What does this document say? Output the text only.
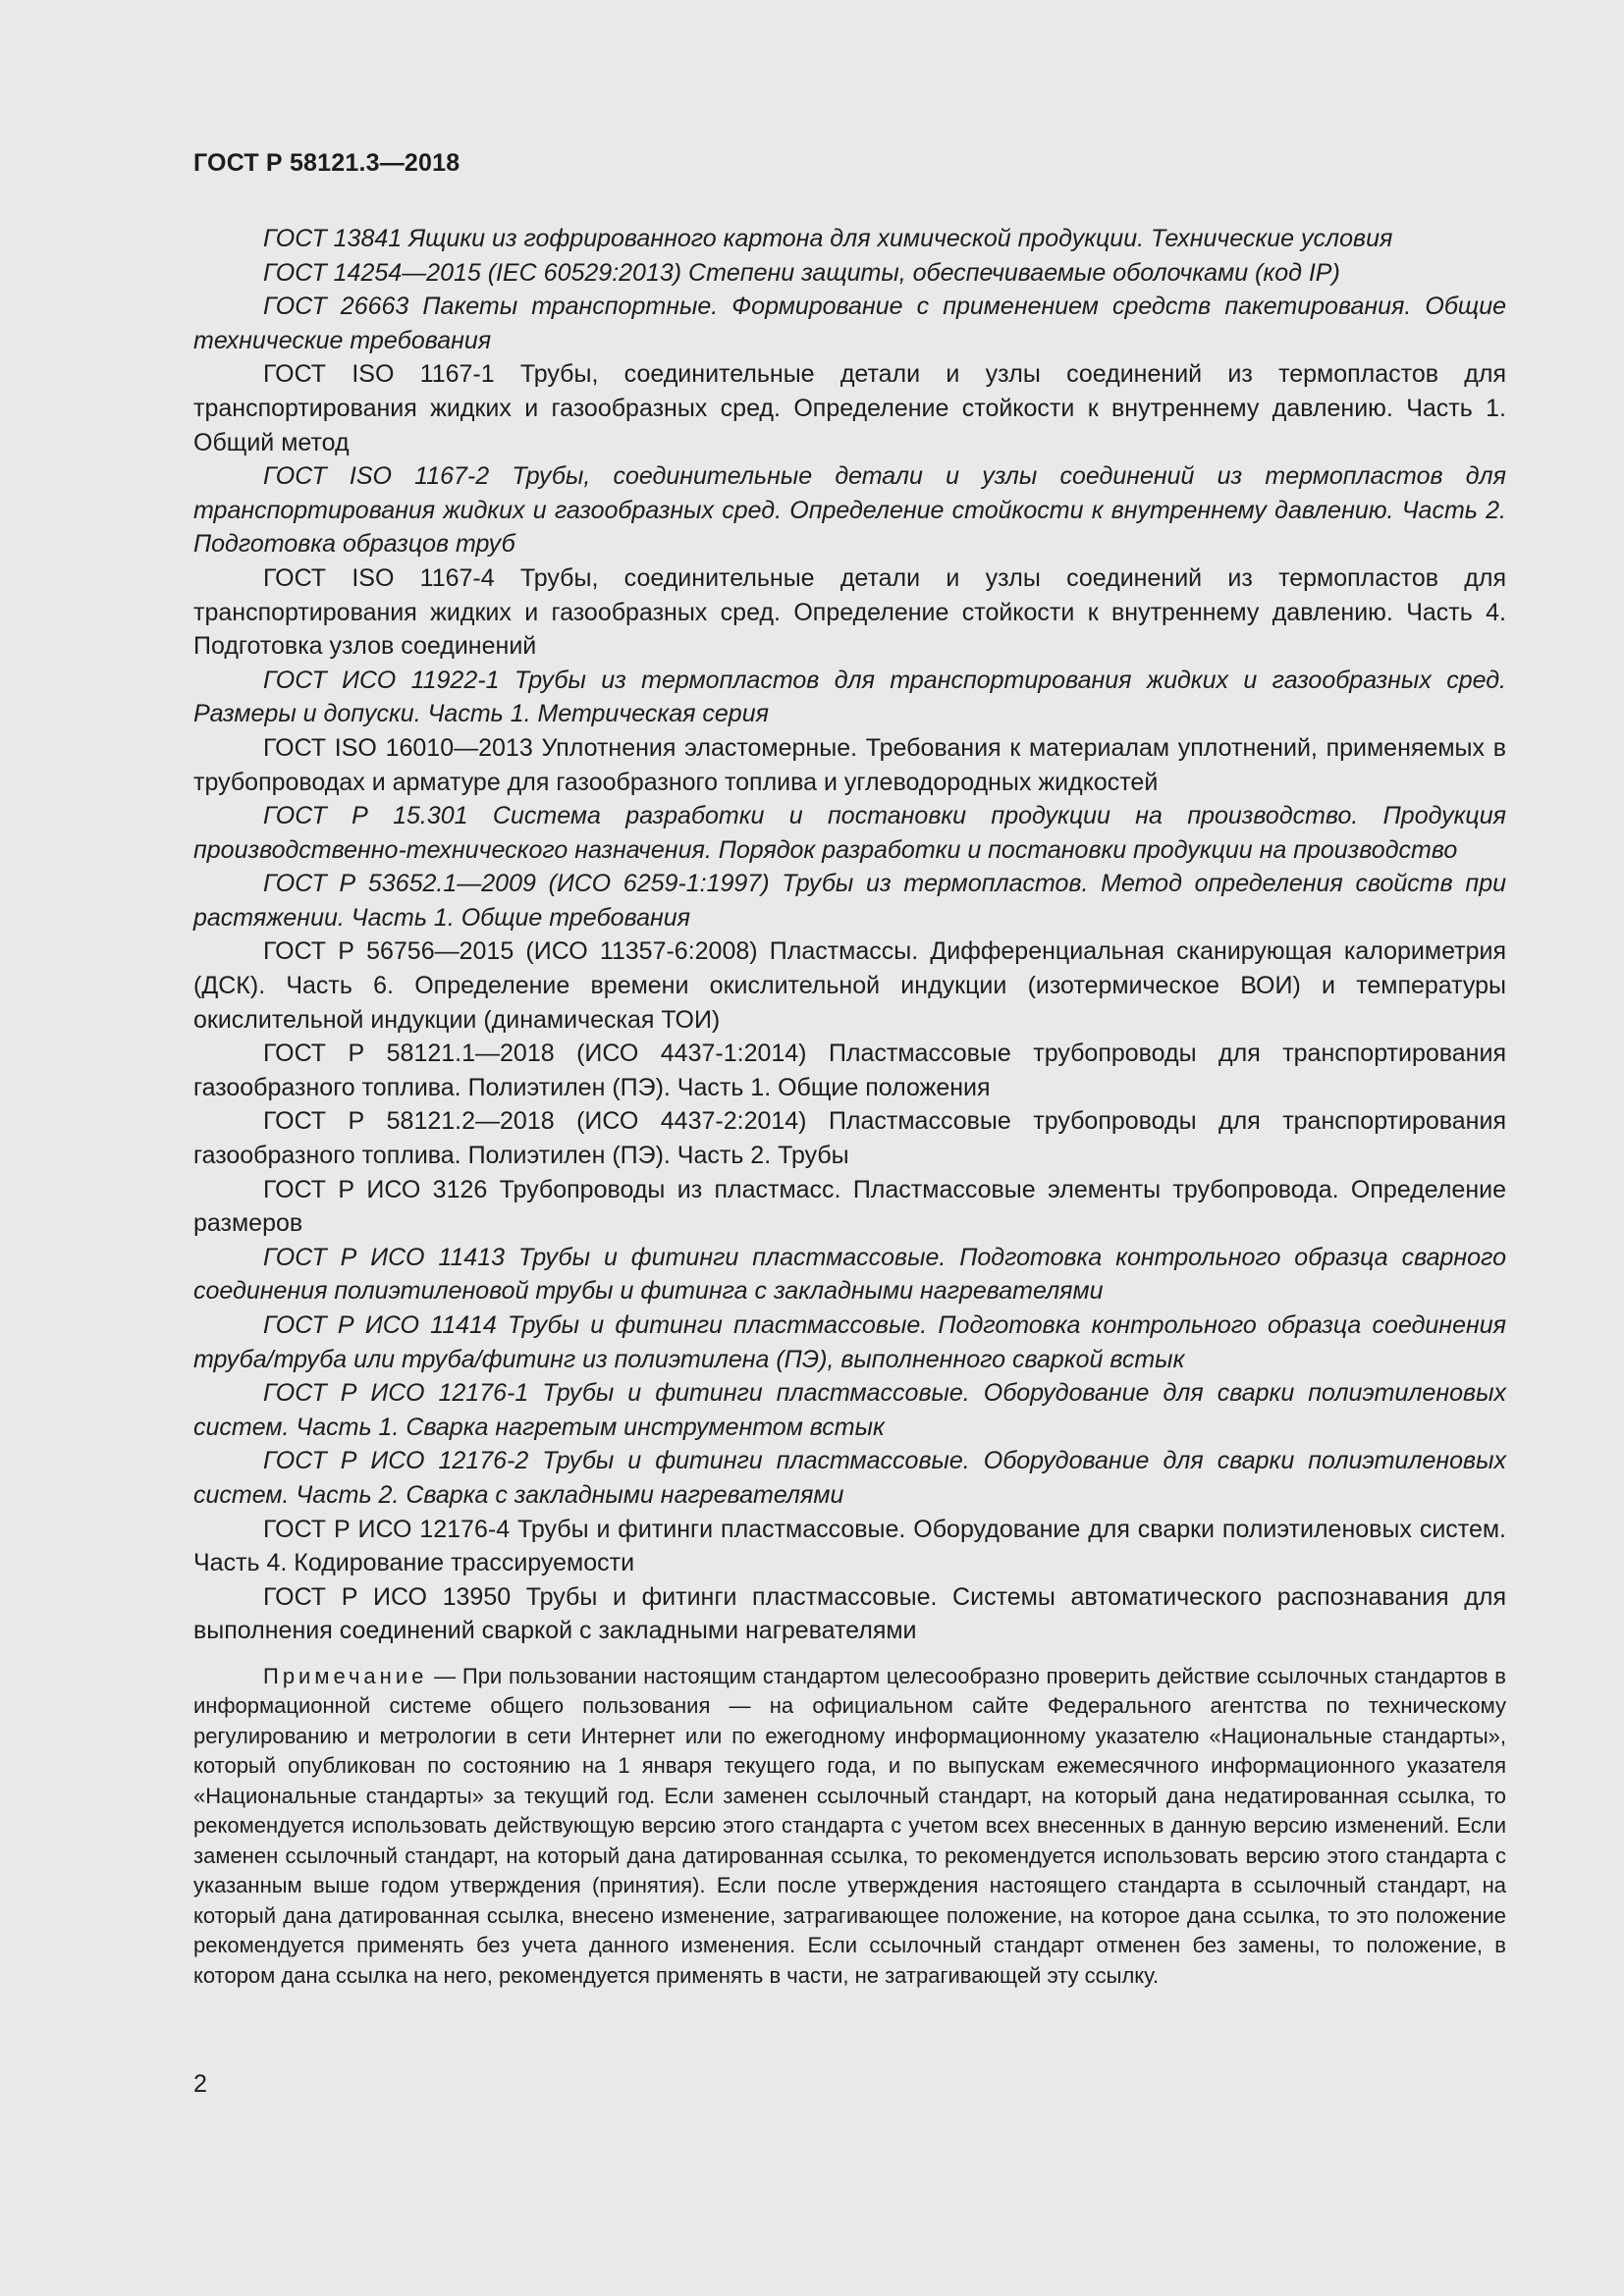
ГОСТ Р 58121.3—2018

ГОСТ 13841 Ящики из гофрированного картона для химической продукции. Технические условия

ГОСТ 14254—2015 (IEC 60529:2013) Степени защиты, обеспечиваемые оболочками (код IP)

ГОСТ 26663 Пакеты транспортные. Формирование с применением средств пакетирования. Общие технические требования

ГОСТ ISO 1167-1 Трубы, соединительные детали и узлы соединений из термопластов для транспортирования жидких и газообразных сред. Определение стойкости к внутреннему давлению. Часть 1. Общий метод

ГОСТ ISO 1167-2 Трубы, соединительные детали и узлы соединений из термопластов для транспортирования жидких и газообразных сред. Определение стойкости к внутреннему давлению. Часть 2. Подготовка образцов труб

ГОСТ ISO 1167-4 Трубы, соединительные детали и узлы соединений из термопластов для транспортирования жидких и газообразных сред. Определение стойкости к внутреннему давлению. Часть 4. Подготовка узлов соединений

ГОСТ ИСО 11922-1 Трубы из термопластов для транспортирования жидких и газообразных сред. Размеры и допуски. Часть 1. Метрическая серия

ГОСТ ISO 16010—2013 Уплотнения эластомерные. Требования к материалам уплотнений, применяемых в трубопроводах и арматуре для газообразного топлива и углеводородных жидкостей

ГОСТ Р 15.301 Система разработки и постановки продукции на производство. Продукция производственно-технического назначения. Порядок разработки и постановки продукции на производство

ГОСТ Р 53652.1—2009 (ИСО 6259-1:1997) Трубы из термопластов. Метод определения свойств при растяжении. Часть 1. Общие требования

ГОСТ Р 56756—2015 (ИСО 11357-6:2008) Пластмассы. Дифференциальная сканирующая калориметрия (ДСК). Часть 6. Определение времени окислительной индукции (изотермическое ВОИ) и температуры окислительной индукции (динамическая ТОИ)

ГОСТ Р 58121.1—2018 (ИСО 4437-1:2014) Пластмассовые трубопроводы для транспортирования газообразного топлива. Полиэтилен (ПЭ). Часть 1. Общие положения

ГОСТ Р 58121.2—2018 (ИСО 4437-2:2014) Пластмассовые трубопроводы для транспортирования газообразного топлива. Полиэтилен (ПЭ). Часть 2. Трубы

ГОСТ Р ИСО 3126 Трубопроводы из пластмасс. Пластмассовые элементы трубопровода. Определение размеров

ГОСТ Р ИСО 11413 Трубы и фитинги пластмассовые. Подготовка контрольного образца сварного соединения полиэтиленовой трубы и фитинга с закладными нагревателями

ГОСТ Р ИСО 11414 Трубы и фитинги пластмассовые. Подготовка контрольного образца соединения труба/труба или труба/фитинг из полиэтилена (ПЭ), выполненного сваркой встык

ГОСТ Р ИСО 12176-1 Трубы и фитинги пластмассовые. Оборудование для сварки полиэтиленовых систем. Часть 1. Сварка нагретым инструментом встык

ГОСТ Р ИСО 12176-2 Трубы и фитинги пластмассовые. Оборудование для сварки полиэтиленовых систем. Часть 2. Сварка с закладными нагревателями

ГОСТ Р ИСО 12176-4 Трубы и фитинги пластмассовые. Оборудование для сварки полиэтиленовых систем. Часть 4. Кодирование трассируемости

ГОСТ Р ИСО 13950 Трубы и фитинги пластмассовые. Системы автоматического распознавания для выполнения соединений сваркой с закладными нагревателями

Примечание — При пользовании настоящим стандартом целесообразно проверить действие ссылочных стандартов в информационной системе общего пользования — на официальном сайте Федерального агентства по техническому регулированию и метрологии в сети Интернет или по ежегодному информационному указателю «Национальные стандарты», который опубликован по состоянию на 1 января текущего года, и по выпускам ежемесячного информационного указателя «Национальные стандарты» за текущий год. Если заменен ссылочный стандарт, на который дана недатированная ссылка, то рекомендуется использовать действующую версию этого стандарта с учетом всех внесенных в данную версию изменений. Если заменен ссылочный стандарт, на который дана датированная ссылка, то рекомендуется использовать версию этого стандарта с указанным выше годом утверждения (принятия). Если после утверждения настоящего стандарта в ссылочный стандарт, на который дана датированная ссылка, внесено изменение, затрагивающее положение, на которое дана ссылка, то это положение рекомендуется применять без учета данного изменения. Если ссылочный стандарт отменен без замены, то положение, в котором дана ссылка на него, рекомендуется применять в части, не затрагивающей эту ссылку.

2
